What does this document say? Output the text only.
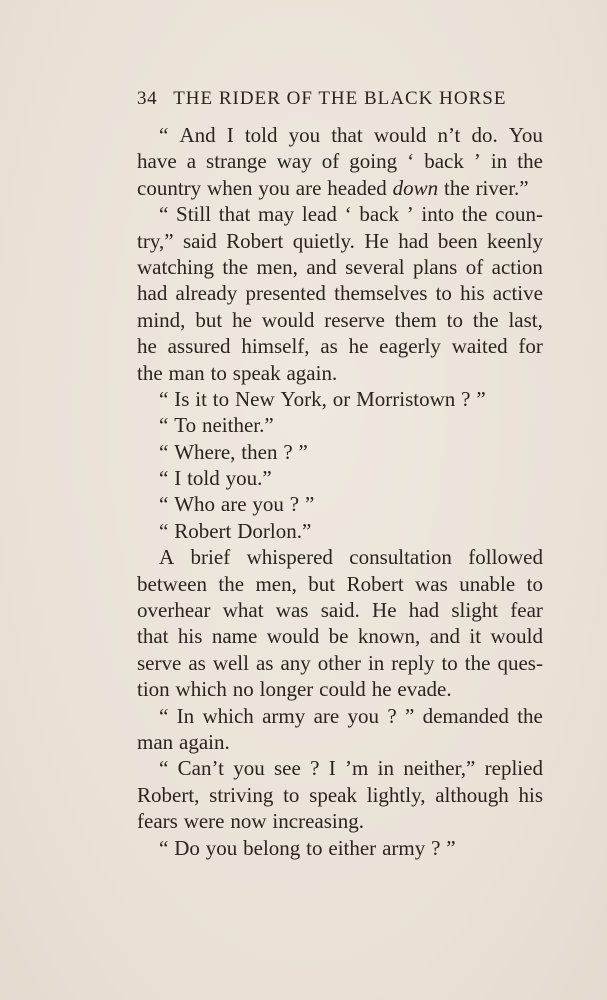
34 THE RIDER OF THE BLACK HORSE
“ And I told you that would n’t do. You
have a strange way of going ‘ back ’ in the
country when you are headed down the river.”
“ Still that may lead ‘ back ’ into the coun-
try,” said Robert quietly. He had been keenly
watching the men, and several plans of action
had already presented themselves to his active
mind, but he would reserve them to the last,
he assured himself, as he eagerly waited for
the man to speak again.
“ Is it to New York, or Morristown ? ”
“ To neither.”
“ Where, then ? ”
“ I told you.”
“ Who are you ? ”
“ Robert Dorlon.”
A brief whispered consultation followed
between the men, but Robert was unable to
overhear what was said. He had slight fear
that his name would be known, and it would
serve as well as any other in reply to the ques-
tion which no longer could he evade.
“ In which army are you ? ” demanded the
man again.
“ Can’t you see ? I ’m in neither,” replied
Robert, striving to speak lightly, although his
fears were now increasing.
“ Do you belong to either army ? ”
